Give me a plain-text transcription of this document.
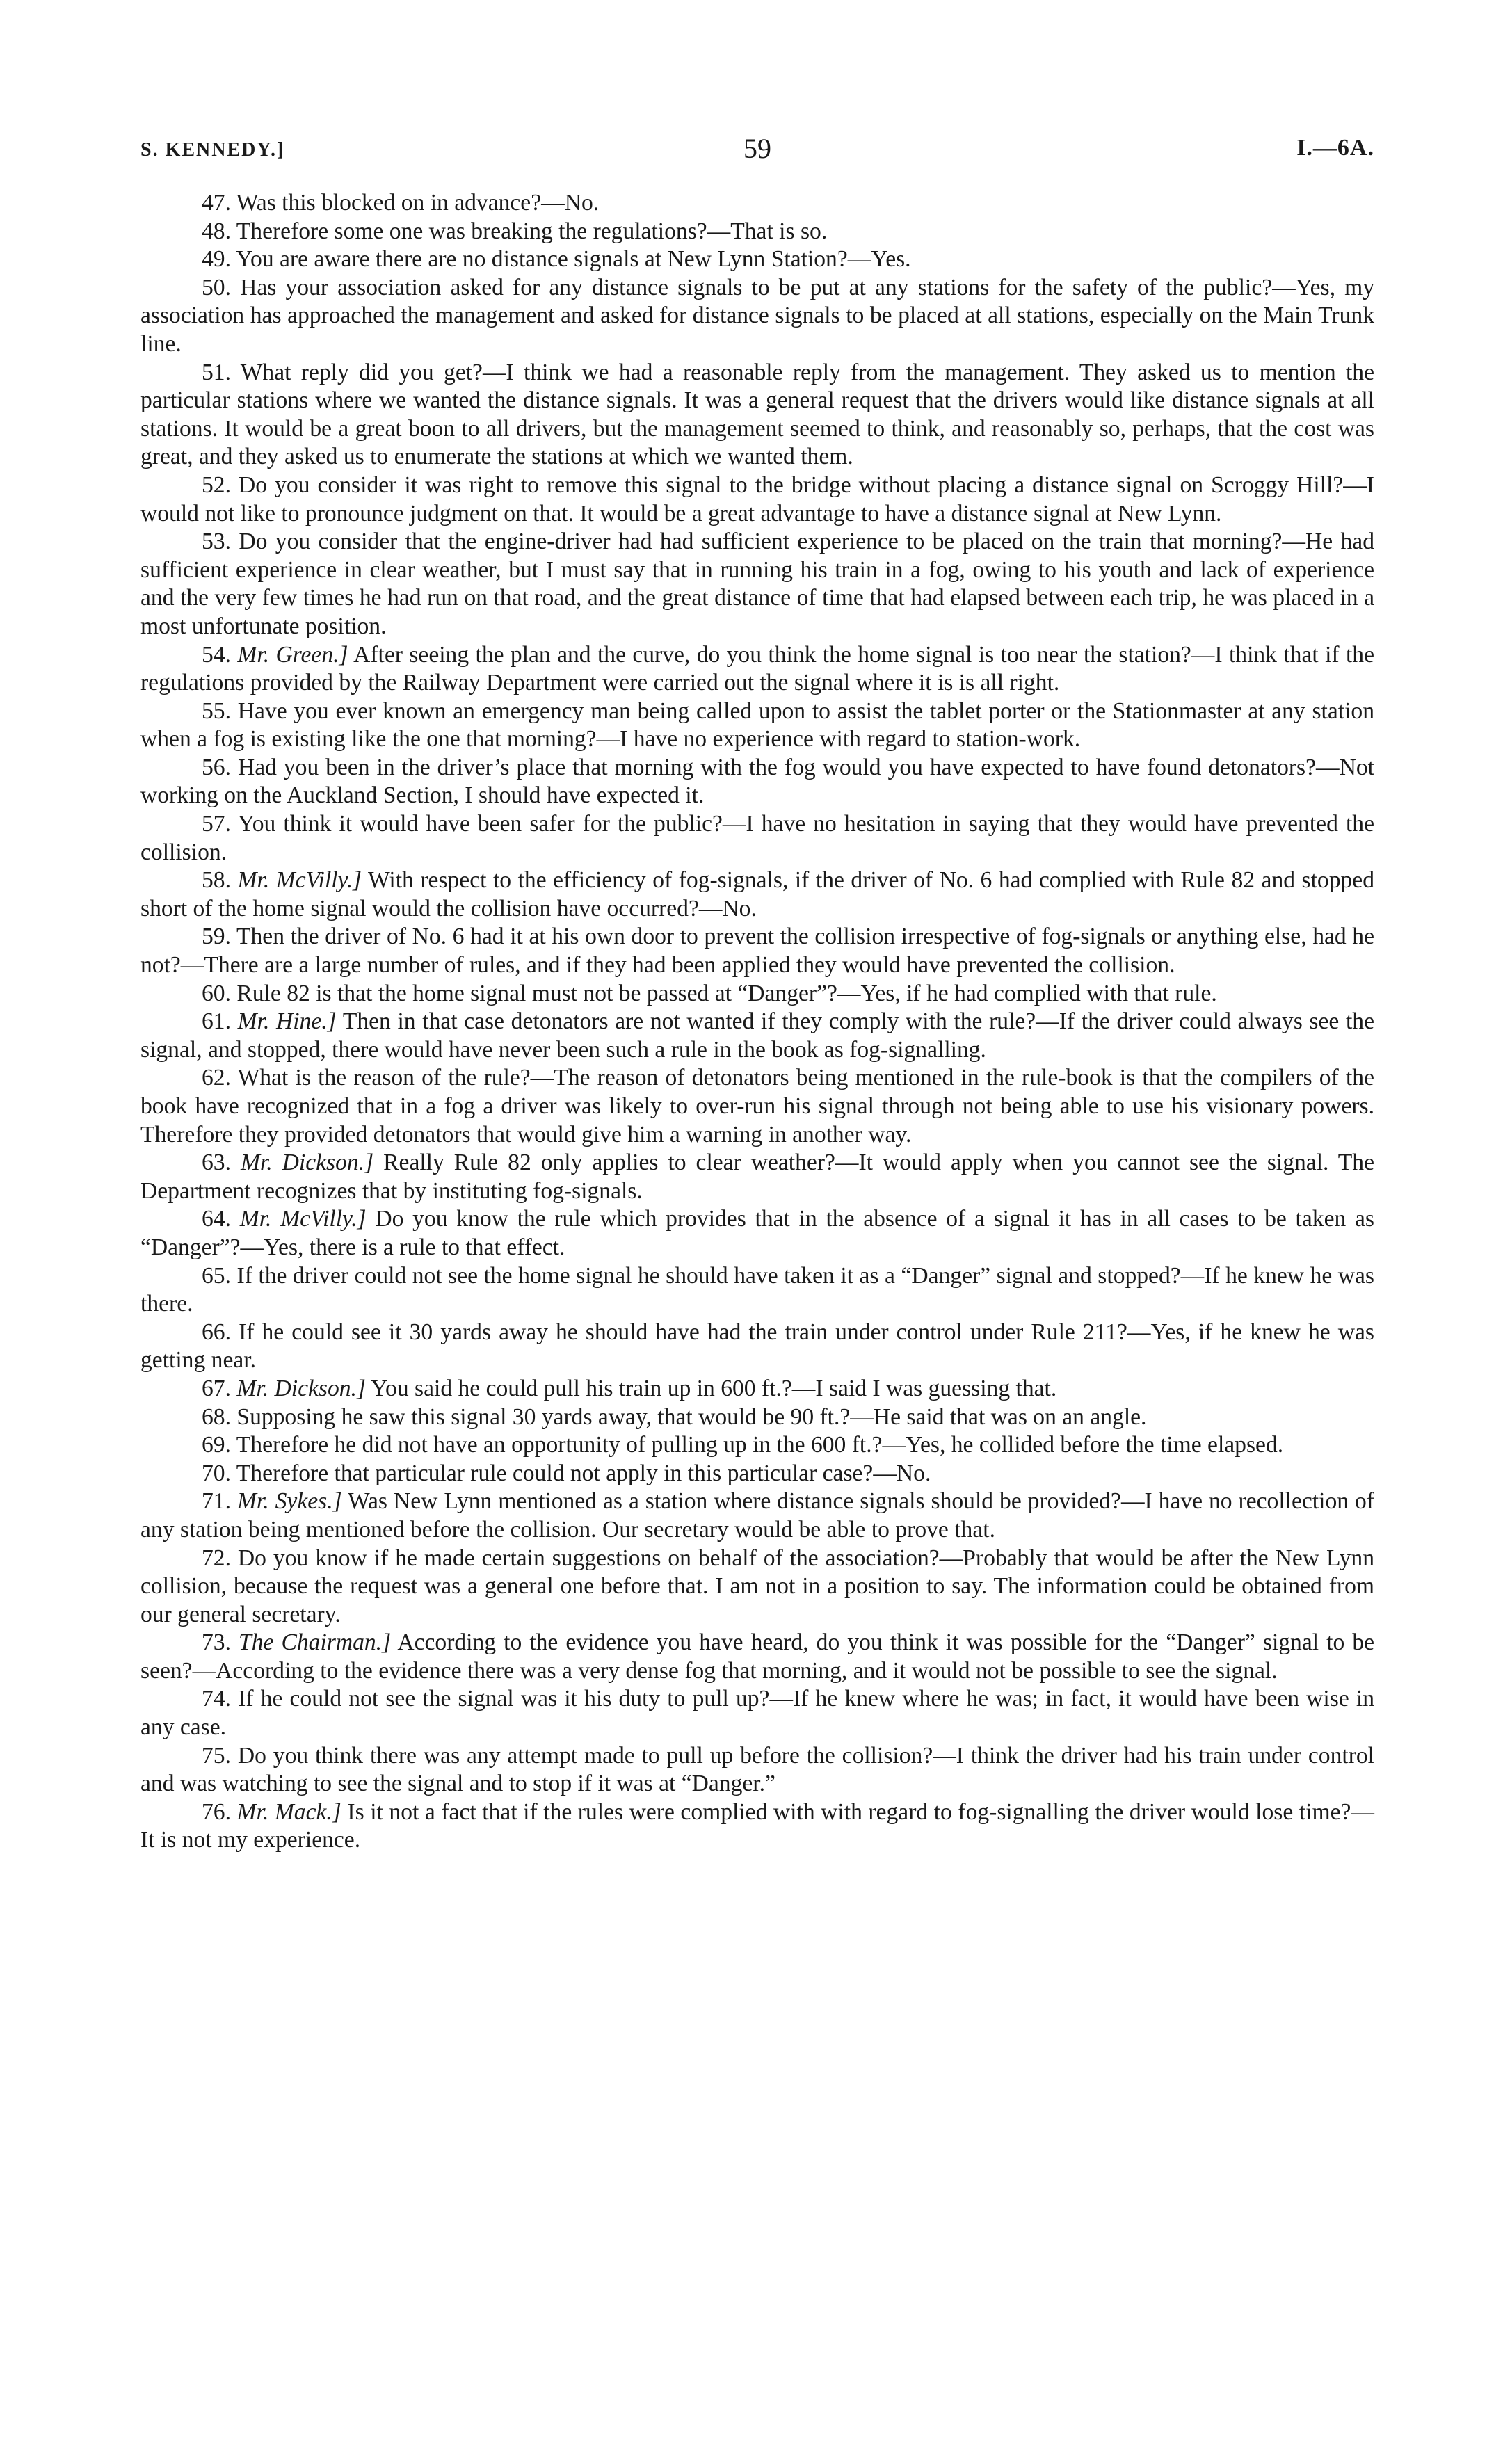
S. KENNEDY.]	59	I.—6A.

47. Was this blocked on in advance?—No.

48. Therefore some one was breaking the regulations?—That is so.

49. You are aware there are no distance signals at New Lynn Station?—Yes.

50. Has your association asked for any distance signals to be put at any stations for the safety of the public?—Yes, my association has approached the management and asked for distance signals to be placed at all stations, especially on the Main Trunk line.

51. What reply did you get?—I think we had a reasonable reply from the management. They asked us to mention the particular stations where we wanted the distance signals. It was a general request that the drivers would like distance signals at all stations. It would be a great boon to all drivers, but the management seemed to think, and reasonably so, perhaps, that the cost was great, and they asked us to enumerate the stations at which we wanted them.

52. Do you consider it was right to remove this signal to the bridge without placing a distance signal on Scroggy Hill?—I would not like to pronounce judgment on that. It would be a great advantage to have a distance signal at New Lynn.

53. Do you consider that the engine-driver had had sufficient experience to be placed on the train that morning?—He had sufficient experience in clear weather, but I must say that in running his train in a fog, owing to his youth and lack of experience and the very few times he had run on that road, and the great distance of time that had elapsed between each trip, he was placed in a most unfortunate position.

54. Mr. Green.] After seeing the plan and the curve, do you think the home signal is too near the station?—I think that if the regulations provided by the Railway Department were carried out the signal where it is is all right.

55. Have you ever known an emergency man being called upon to assist the tablet porter or the Stationmaster at any station when a fog is existing like the one that morning?—I have no experience with regard to station-work.

56. Had you been in the driver’s place that morning with the fog would you have expected to have found detonators?—Not working on the Auckland Section, I should have expected it.

57. You think it would have been safer for the public?—I have no hesitation in saying that they would have prevented the collision.

58. Mr. McVilly.] With respect to the efficiency of fog-signals, if the driver of No. 6 had complied with Rule 82 and stopped short of the home signal would the collision have occurred?—No.

59. Then the driver of No. 6 had it at his own door to prevent the collision irrespective of fog-signals or anything else, had he not?—There are a large number of rules, and if they had been applied they would have prevented the collision.

60. Rule 82 is that the home signal must not be passed at “Danger”?—Yes, if he had complied with that rule.

61. Mr. Hine.] Then in that case detonators are not wanted if they comply with the rule?—If the driver could always see the signal, and stopped, there would have never been such a rule in the book as fog-signalling.

62. What is the reason of the rule?—The reason of detonators being mentioned in the rule-book is that the compilers of the book have recognized that in a fog a driver was likely to over-run his signal through not being able to use his visionary powers. Therefore they provided detonators that would give him a warning in another way.

63. Mr. Dickson.] Really Rule 82 only applies to clear weather?—It would apply when you cannot see the signal. The Department recognizes that by instituting fog-signals.

64. Mr. McVilly.] Do you know the rule which provides that in the absence of a signal it has in all cases to be taken as “Danger”?—Yes, there is a rule to that effect.

65. If the driver could not see the home signal he should have taken it as a “Danger” signal and stopped?—If he knew he was there.

66. If he could see it 30 yards away he should have had the train under control under Rule 211?—Yes, if he knew he was getting near.

67. Mr. Dickson.] You said he could pull his train up in 600 ft.?—I said I was guessing that.

68. Supposing he saw this signal 30 yards away, that would be 90 ft.?—He said that was on an angle.

69. Therefore he did not have an opportunity of pulling up in the 600 ft.?—Yes, he collided before the time elapsed.

70. Therefore that particular rule could not apply in this particular case?—No.

71. Mr. Sykes.] Was New Lynn mentioned as a station where distance signals should be provided?—I have no recollection of any station being mentioned before the collision. Our secretary would be able to prove that.

72. Do you know if he made certain suggestions on behalf of the association?—Probably that would be after the New Lynn collision, because the request was a general one before that. I am not in a position to say. The information could be obtained from our general secretary.

73. The Chairman.] According to the evidence you have heard, do you think it was possible for the “Danger” signal to be seen?—According to the evidence there was a very dense fog that morning, and it would not be possible to see the signal.

74. If he could not see the signal was it his duty to pull up?—If he knew where he was; in fact, it would have been wise in any case.

75. Do you think there was any attempt made to pull up before the collision?—I think the driver had his train under control and was watching to see the signal and to stop if it was at “Danger.”

76. Mr. Mack.] Is it not a fact that if the rules were complied with with regard to fog-signalling the driver would lose time?—It is not my experience.
